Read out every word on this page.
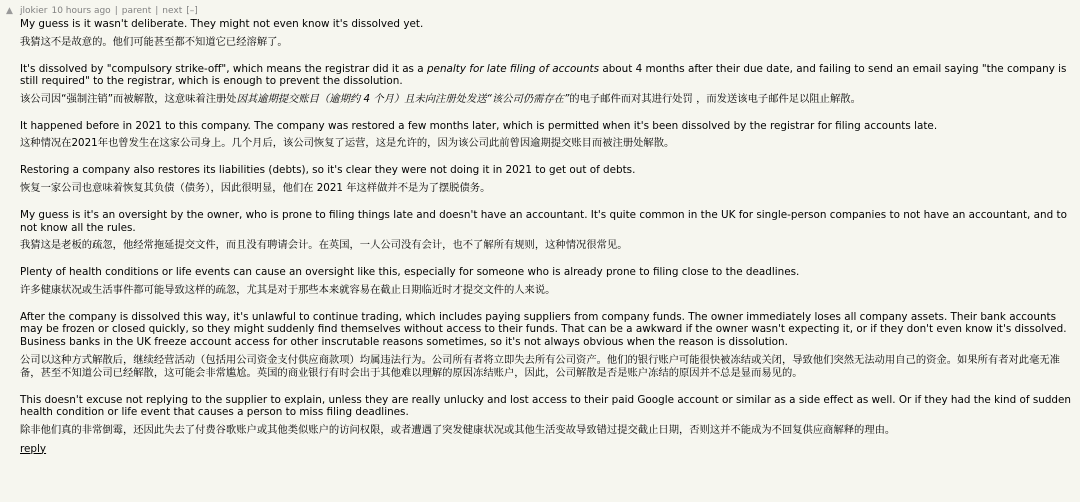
▲ jlokier 10 hours ago | parent | next [–]

My guess is it wasn't deliberate. They might not even know it's dissolved yet.

我猜这不是故意的。他们可能甚至都不知道它已经溶解了。

It's dissolved by "compulsory strike-off", which means the registrar did it as a penalty for late filing of accounts about 4 months after their due date, and failing to send an email saying "the company is still required" to the registrar, which is enough to prevent the dissolution.

该公司因“强制注销”而被解散，这意味着注册处因其逾期提交账目（逾期约 4 个月）且未向注册处发送“该公司仍需存在”的电子邮件而对其进行处罚 ，而发送该电子邮件足以阻止解散。

It happened before in 2021 to this company. The company was restored a few months later, which is permitted when it's been dissolved by the registrar for filing accounts late.

这种情况在2021年也曾发生在这家公司身上。几个月后，该公司恢复了运营，这是允许的，因为该公司此前曾因逾期提交账目而被注册处解散。

Restoring a company also restores its liabilities (debts), so it's clear they were not doing it in 2021 to get out of debts.

恢复一家公司也意味着恢复其负债（债务），因此很明显，他们在 2021 年这样做并不是为了摆脱债务。

My guess is it's an oversight by the owner, who is prone to filing things late and doesn't have an accountant. It's quite common in the UK for single-person companies to not have an accountant, and to not know all the rules.

我猜这是老板的疏忽，他经常拖延提交文件，而且没有聘请会计。在英国，一人公司没有会计，也不了解所有规则，这种情况很常见。

Plenty of health conditions or life events can cause an oversight like this, especially for someone who is already prone to filing close to the deadlines.

许多健康状况或生活事件都可能导致这样的疏忽，尤其是对于那些本来就容易在截止日期临近时才提交文件的人来说。

After the company is dissolved this way, it's unlawful to continue trading, which includes paying suppliers from company funds. The owner immediately loses all company assets. Their bank accounts may be frozen or closed quickly, so they might suddenly find themselves without access to their funds. That can be a awkward if the owner wasn't expecting it, or if they don't even know it's dissolved. Business banks in the UK freeze account access for other inscrutable reasons sometimes, so it's not always obvious when the reason is dissolution.

公司以这种方式解散后，继续经营活动（包括用公司资金支付供应商款项）均属违法行为。公司所有者将立即失去所有公司资产。他们的银行账户可能很快被冻结或关闭，导致他们突然无法动用自己的资金。如果所有者对此毫无准备，甚至不知道公司已经解散，这可能会非常尴尬。英国的商业银行有时会出于其他难以理解的原因冻结账户，因此，公司解散是否是账户冻结的原因并不总是显而易见的。

This doesn't excuse not replying to the supplier to explain, unless they are really unlucky and lost access to their paid Google account or similar as a side effect as well. Or if they had the kind of sudden health condition or life event that causes a person to miss filing deadlines.

除非他们真的非常倒霉，还因此失去了付费谷歌账户或其他类似账户的访问权限，或者遭遇了突发健康状况或其他生活变故导致错过提交截止日期，否则这并不能成为不回复供应商解释的理由。

reply
